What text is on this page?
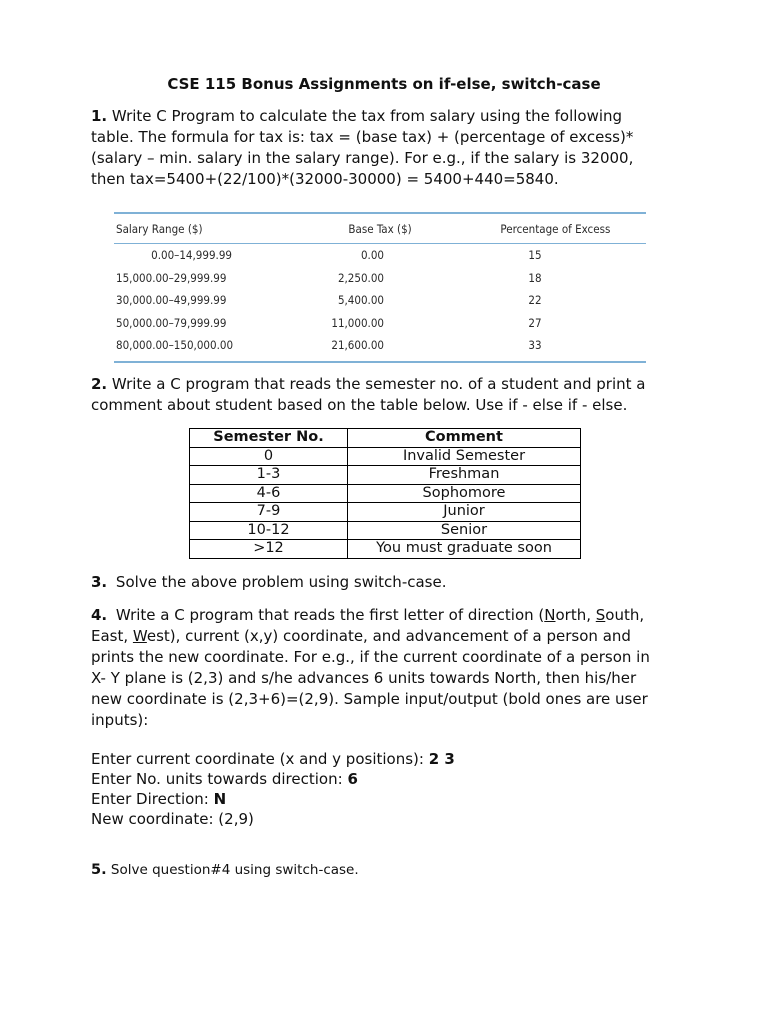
CSE 115 Bonus Assignments on if-else, switch-case
1. Write C Program to calculate the tax from salary using the following table. The formula for tax is: tax = (base tax) + (percentage of excess)*(salary – min. salary in the salary range). For e.g., if the salary is 32000, then tax=5400+(22/100)*(32000-30000) = 5400+440=5840.
Salary Range ($)	Base Tax ($)	Percentage of Excess
0.00–14,999.99	0.00	15
15,000.00–29,999.99	2,250.00	18
30,000.00–49,999.99	5,400.00	22
50,000.00–79,999.99	11,000.00	27
80,000.00–150,000.00	21,600.00	33
2. Write a C program that reads the semester no. of a student and print a comment about student based on the table below. Use if - else if - else.
Semester No.	Comment
0	Invalid Semester
1-3	Freshman
4-6	Sophomore
7-9	Junior
10-12	Senior
>12	You must graduate soon
3. Solve the above problem using switch-case.
4. Write a C program that reads the first letter of direction (North, South, East, West), current (x,y) coordinate, and advancement of a person and prints the new coordinate. For e.g., if the current coordinate of a person in X- Y plane is (2,3) and s/he advances 6 units towards North, then his/her new coordinate is (2,3+6)=(2,9). Sample input/output (bold ones are user inputs):
Enter current coordinate (x and y positions): 2 3
Enter No. units towards direction: 6
Enter Direction: N
New coordinate: (2,9)
5. Solve question#4 using switch-case.
